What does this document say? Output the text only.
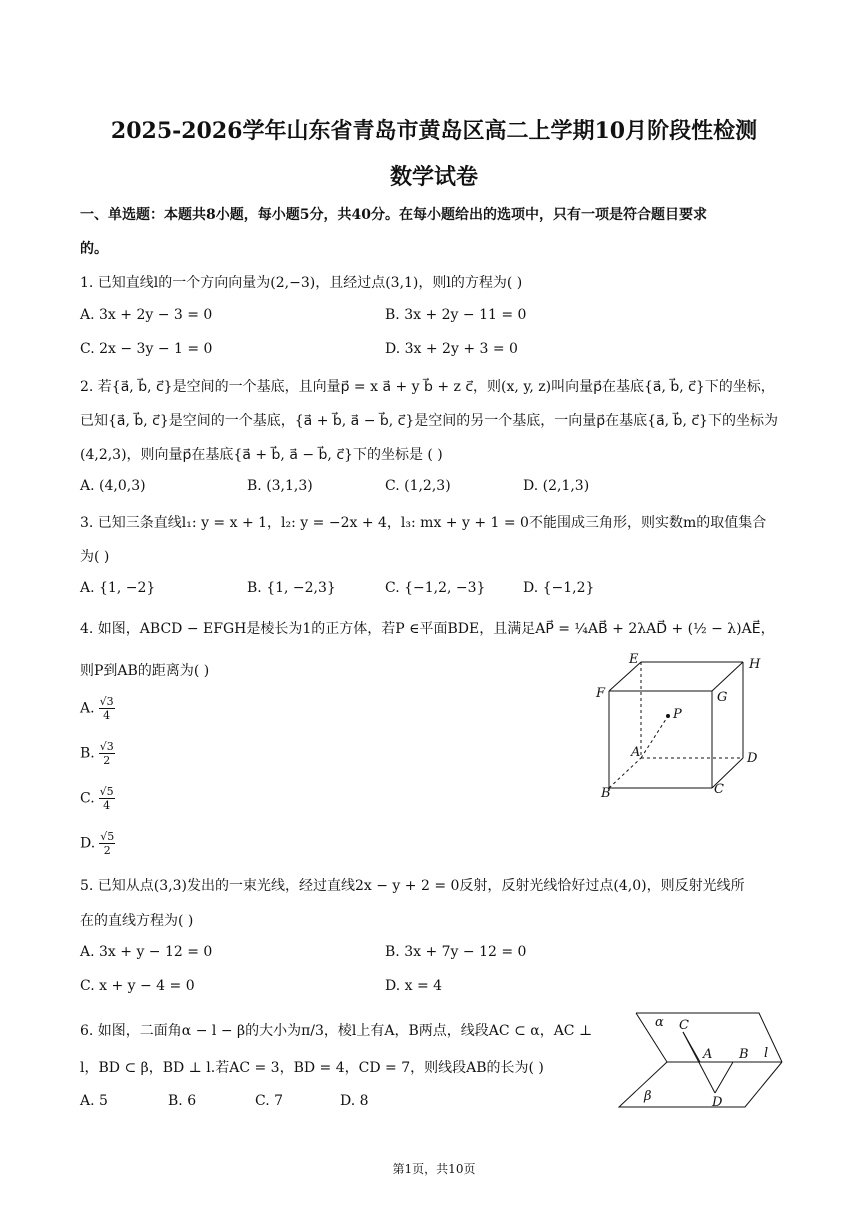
2025-2026学年山东省青岛市黄岛区高二上学期10月阶段性检测
数学试卷
一、单选题：本题共8小题，每小题5分，共40分。在每小题给出的选项中，只有一项是符合题目要求
的。
1. 已知直线l的一个方向向量为(2,−3)，且经过点(3,1)，则l的方程为( )
A. 3x + 2y − 3 = 0	B. 3x + 2y − 11 = 0
C. 2x − 3y − 1 = 0	D. 3x + 2y + 3 = 0
2. 若{a⃗, b⃗, c⃗}是空间的一个基底，且向量p⃗ = x a⃗ + y b⃗ + z c⃗，则(x, y, z)叫向量p⃗在基底{a⃗, b⃗, c⃗}下的坐标，
已知{a⃗, b⃗, c⃗}是空间的一个基底，{a⃗ + b⃗, a⃗ − b⃗, c⃗}是空间的另一个基底，一向量p⃗在基底{a⃗, b⃗, c⃗}下的坐标为
(4,2,3)，则向量p⃗在基底{a⃗ + b⃗, a⃗ − b⃗, c⃗}下的坐标是 ( )
A. (4,0,3)	B. (3,1,3)	C. (1,2,3)	D. (2,1,3)
3. 已知三条直线l₁: y = x + 1，l₂: y = −2x + 4，l₃: mx + y + 1 = 0不能围成三角形，则实数m的取值集合
为( )
A. {1, −2}	B. {1, −2,3}	C. {−1,2, −3}	D. {−1,2}
4. 如图，ABCD − EFGH是棱长为1的正方体，若P ∈平面BDE，且满足AP⃗ = ¼AB⃗ + 2λAD⃗ + (½ − λ)AE⃗，
则P到AB的距离为( )
A. $\frac{√3}{4}$
B. $\frac{√3}{2}$
C. $\frac{√5}{4}$
D. $\frac{√5}{2}$
E	H
F	G
P
A	D
B	C
5. 已知从点(3,3)发出的一束光线，经过直线2x − y + 2 = 0反射，反射光线恰好过点(4,0)，则反射光线所
在的直线方程为( )
A. 3x + y − 12 = 0	B. 3x + 7y − 12 = 0
C. x + y − 4 = 0	D. x = 4
6. 如图，二面角α − l − β的大小为π/3，棱l上有A，B两点，线段AC ⊂ α，AC ⊥
l，BD ⊂ β，BD ⊥ l.若AC = 3，BD = 4，CD = 7，则线段AB的长为( )
A. 5	B. 6	C. 7	D. 8
α C
A B l
β	D
第1页，共10页
